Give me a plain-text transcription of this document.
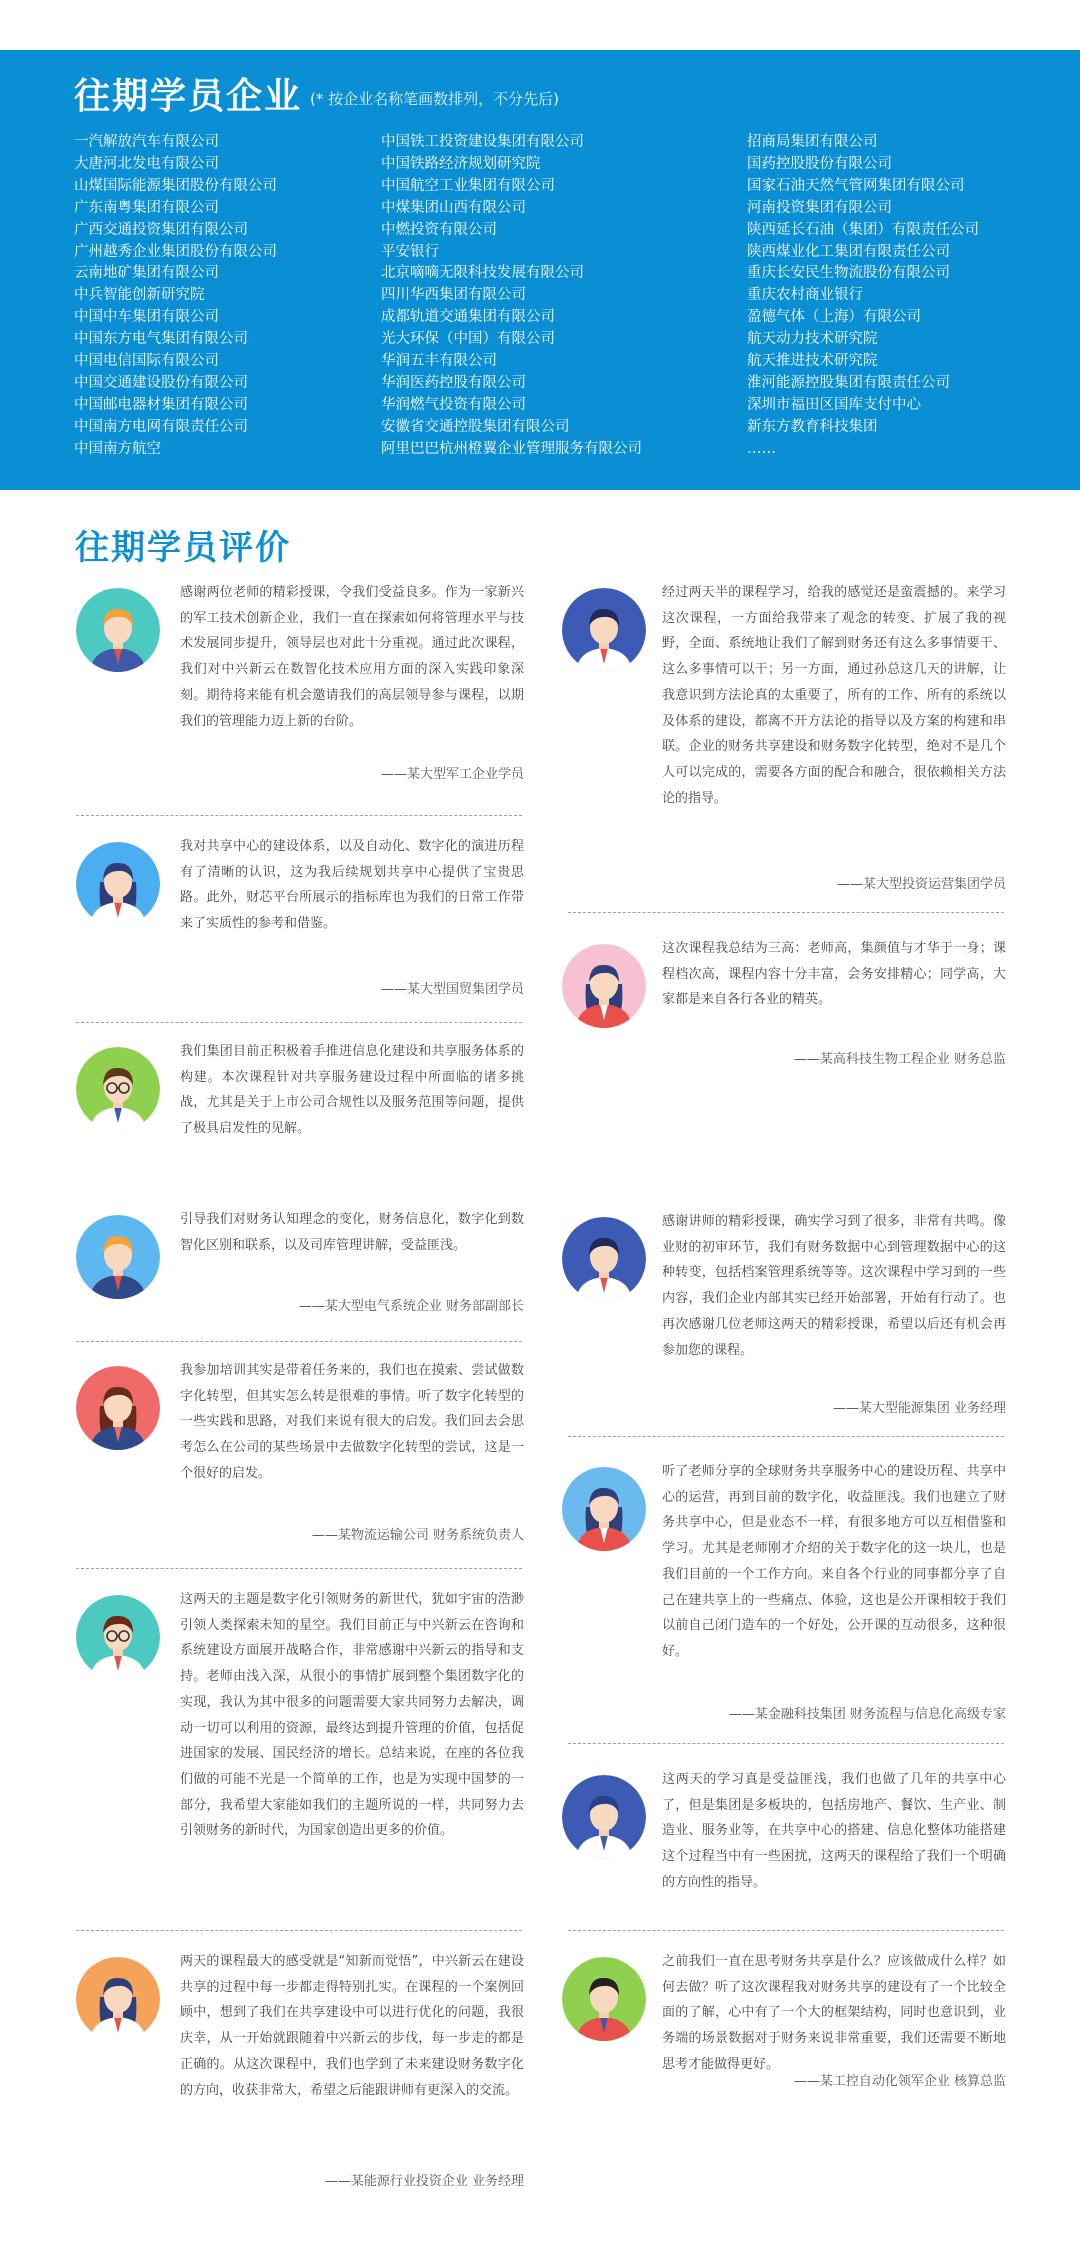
往期学员企业 (* 按企业名称笔画数排列，不分先后)
一汽解放汽车有限公司
大唐河北发电有限公司
山煤国际能源集团股份有限公司
广东南粤集团有限公司
广西交通投资集团有限公司
广州越秀企业集团股份有限公司
云南地矿集团有限公司
中兵智能创新研究院
中国中车集团有限公司
中国东方电气集团有限公司
中国电信国际有限公司
中国交通建设股份有限公司
中国邮电器材集团有限公司
中国南方电网有限责任公司
中国南方航空
中国铁工投资建设集团有限公司
中国铁路经济规划研究院
中国航空工业集团有限公司
中煤集团山西有限公司
中燃投资有限公司
平安银行
北京嘀嘀无限科技发展有限公司
四川华西集团有限公司
成都轨道交通集团有限公司
光大环保（中国）有限公司
华润五丰有限公司
华润医药控股有限公司
华润燃气投资有限公司
安徽省交通控股集团有限公司
阿里巴巴杭州橙翼企业管理服务有限公司
招商局集团有限公司
国药控股股份有限公司
国家石油天然气管网集团有限公司
河南投资集团有限公司
陕西延长石油（集团）有限责任公司
陕西煤业化工集团有限责任公司
重庆长安民生物流股份有限公司
重庆农村商业银行
盈德气体（上海）有限公司
航天动力技术研究院
航天推进技术研究院
淮河能源控股集团有限责任公司
深圳市福田区国库支付中心
新东方教育科技集团
……
往期学员评价
感谢两位老师的精彩授课，令我们受益良多。作为一家新兴的军工技术创新企业，我们一直在探索如何将管理水平与技术发展同步提升，领导层也对此十分重视。通过此次课程，我们对中兴新云在数智化技术应用方面的深入实践印象深刻。期待将来能有机会邀请我们的高层领导参与课程，以期我们的管理能力迈上新的台阶。
——某大型军工企业学员
我对共享中心的建设体系，以及自动化、数字化的演进历程有了清晰的认识，这为我后续规划共享中心提供了宝贵思路。此外，财芯平台所展示的指标库也为我们的日常工作带来了实质性的参考和借鉴。
——某大型国贸集团学员
我们集团目前正积极着手推进信息化建设和共享服务体系的构建。本次课程针对共享服务建设过程中所面临的诸多挑战，尤其是关于上市公司合规性以及服务范围等问题，提供了极具启发性的见解。
引导我们对财务认知理念的变化，财务信息化，数字化到数智化区别和联系，以及司库管理讲解，受益匪浅。
——某大型电气系统企业 财务部副部长
我参加培训其实是带着任务来的，我们也在摸索、尝试做数字化转型，但其实怎么转是很难的事情。听了数字化转型的一些实践和思路，对我们来说有很大的启发。我们回去会思考怎么在公司的某些场景中去做数字化转型的尝试，这是一个很好的启发。
——某物流运输公司 财务系统负责人
这两天的主题是数字化引领财务的新世代，犹如宇宙的浩渺引领人类探索未知的星空。我们目前正与中兴新云在咨询和系统建设方面展开战略合作，非常感谢中兴新云的指导和支持。老师由浅入深，从很小的事情扩展到整个集团数字化的实现，我认为其中很多的问题需要大家共同努力去解决，调动一切可以利用的资源，最终达到提升管理的价值，包括促进国家的发展、国民经济的增长。总结来说，在座的各位我们做的可能不光是一个简单的工作，也是为实现中国梦的一部分，我希望大家能如我们的主题所说的一样，共同努力去引领财务的新时代，为国家创造出更多的价值。
两天的课程最大的感受就是“知新而觉悟”，中兴新云在建设共享的过程中每一步都走得特别扎实。在课程的一个案例回顾中，想到了我们在共享建设中可以进行优化的问题，我很庆幸，从一开始就跟随着中兴新云的步伐，每一步走的都是正确的。从这次课程中，我们也学到了未来建设财务数字化的方向，收获非常大，希望之后能跟讲师有更深入的交流。
——某能源行业投资企业 业务经理
经过两天半的课程学习，给我的感觉还是蛮震撼的。来学习这次课程，一方面给我带来了观念的转变、扩展了我的视野，全面、系统地让我们了解到财务还有这么多事情要干、这么多事情可以干；另一方面，通过孙总这几天的讲解，让我意识到方法论真的太重要了，所有的工作、所有的系统以及体系的建设，都离不开方法论的指导以及方案的构建和串联。企业的财务共享建设和财务数字化转型，绝对不是几个人可以完成的，需要各方面的配合和融合，很依赖相关方法论的指导。
——某大型投资运营集团学员
这次课程我总结为三高：老师高，集颜值与才华于一身；课程档次高，课程内容十分丰富，会务安排精心；同学高，大家都是来自各行各业的精英。
——某高科技生物工程企业 财务总监
感谢讲师的精彩授课，确实学习到了很多，非常有共鸣。像业财的初审环节，我们有财务数据中心到管理数据中心的这种转变，包括档案管理系统等等。这次课程中学习到的一些内容，我们企业内部其实已经开始部署，开始有行动了。也再次感谢几位老师这两天的精彩授课，希望以后还有机会再参加您的课程。
——某大型能源集团 业务经理
听了老师分享的全球财务共享服务中心的建设历程、共享中心的运营，再到目前的数字化，收益匪浅。我们也建立了财务共享中心，但是业态不一样，有很多地方可以互相借鉴和学习。尤其是老师刚才介绍的关于数字化的这一块儿，也是我们目前的一个工作方向。来自各个行业的同事都分享了自己在建共享上的一些痛点、体验，这也是公开课相较于我们以前自己闭门造车的一个好处，公开课的互动很多，这种很好。
——某金融科技集团 财务流程与信息化高级专家
这两天的学习真是受益匪浅，我们也做了几年的共享中心了，但是集团是多板块的，包括房地产、餐饮、生产业、制造业、服务业等，在共享中心的搭建、信息化整体功能搭建这个过程当中有一些困扰，这两天的课程给了我们一个明确的方向性的指导。
之前我们一直在思考财务共享是什么？应该做成什么样？如何去做？听了这次课程我对财务共享的建设有了一个比较全面的了解，心中有了一个大的框架结构，同时也意识到，业务端的场景数据对于财务来说非常重要，我们还需要不断地思考才能做得更好。
——某工控自动化领军企业 核算总监
